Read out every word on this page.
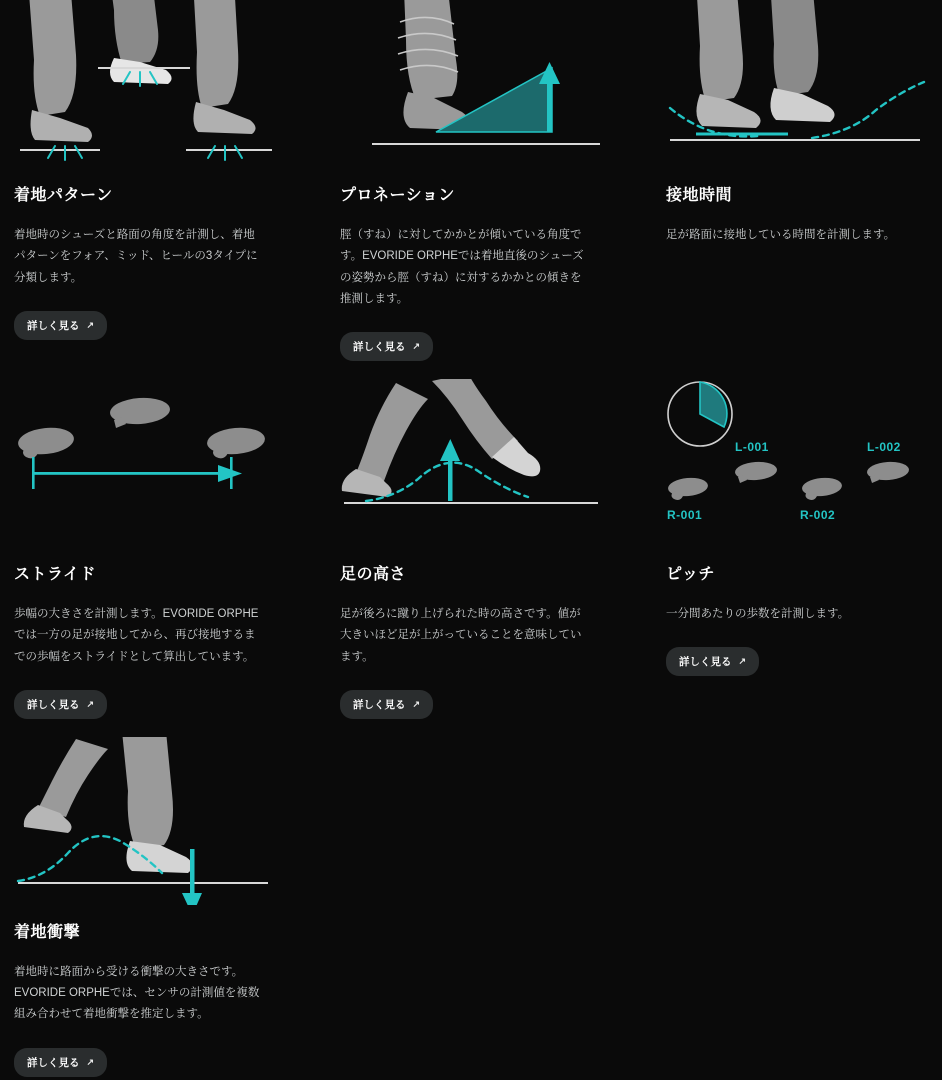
着地パターン
着地時のシューズと路面の角度を計測し、着地パターンをフォア、ミッド、ヒールの3タイプに分類します。
詳しく見る ↗
プロネーション
脛（すね）に対してかかとが傾いている角度です。EVORIDE ORPHEでは着地直後のシューズの姿勢から脛（すね）に対するかかとの傾きを推測します。
詳しく見る ↗
接地時間
足が路面に接地している時間を計測します。
ストライド
歩幅の大きさを計測します。EVORIDE ORPHEでは一方の足が接地してから、再び接地するまでの歩幅をストライドとして算出しています。
詳しく見る ↗
足の高さ
足が後ろに蹴り上げられた時の高さです。値が大きいほど足が上がっていることを意味しています。
詳しく見る ↗
L-001	L-002
R-001	R-002
ピッチ
一分間あたりの歩数を計測します。
詳しく見る ↗
着地衝撃
着地時に路面から受ける衝撃の大きさです。EVORIDE ORPHEでは、センサの計測値を複数組み合わせて着地衝撃を推定します。
詳しく見る ↗
